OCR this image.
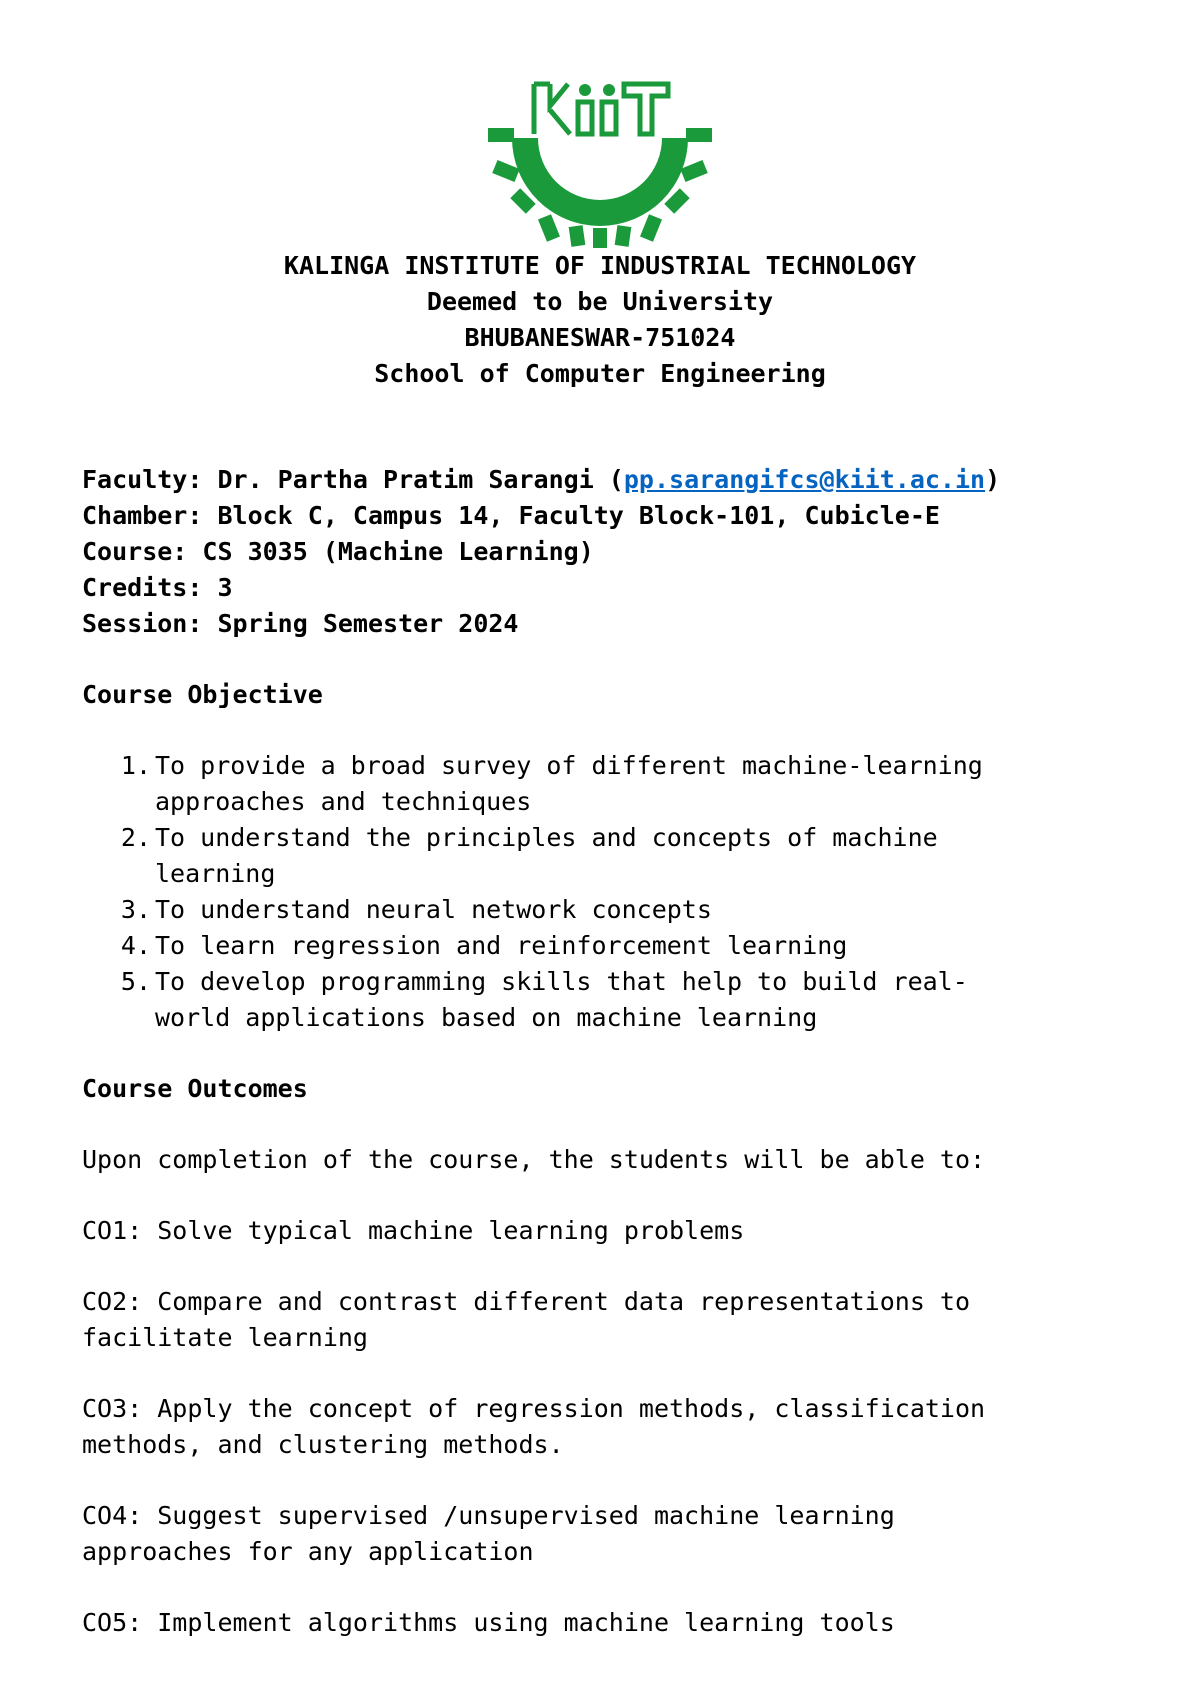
KALINGA INSTITUTE OF INDUSTRIAL TECHNOLOGY
Deemed to be University
BHUBANESWAR-751024
School of Computer Engineering
Faculty: Dr. Partha Pratim Sarangi (pp.sarangifcs@kiit.ac.in)
Chamber: Block C, Campus 14, Faculty Block-101, Cubicle-E
Course: CS 3035 (Machine Learning)
Credits: 3
Session: Spring Semester 2024
Course Objective
1. To provide a broad survey of different machine-learning
approaches and techniques
2. To understand the principles and concepts of machine
learning
3. To understand neural network concepts
4. To learn regression and reinforcement learning
5. To develop programming skills that help to build real-
world applications based on machine learning
Course Outcomes
Upon completion of the course, the students will be able to:
CO1: Solve typical machine learning problems
CO2: Compare and contrast different data representations to
facilitate learning
CO3: Apply the concept of regression methods, classification
methods, and clustering methods.
CO4: Suggest supervised /unsupervised machine learning
approaches for any application
CO5: Implement algorithms using machine learning tools
